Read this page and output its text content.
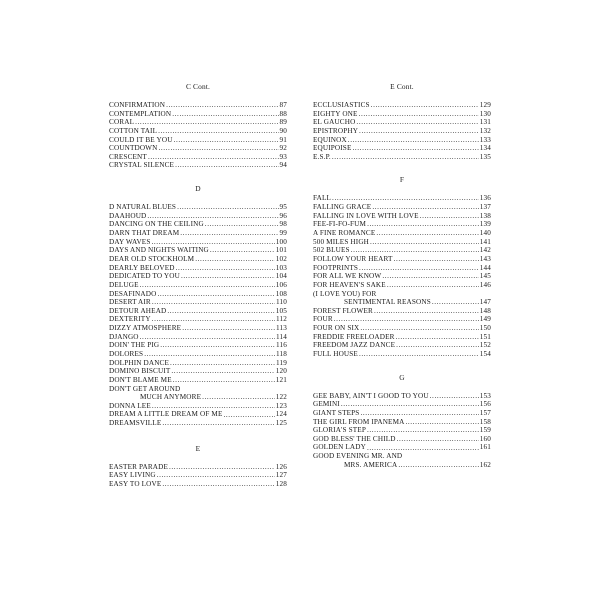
C Cont.
CONFIRMATION .....	87
CONTEMPLATION .....	88
CORAL .....	89
COTTON TAIL .....	90
COULD IT BE YOU .....	91
COUNTDOWN .....	92
CRESCENT .....	93
CRYSTAL SILENCE .....	94
D
D NATURAL BLUES .....	95
DAAHOUD .....	96
DANCING ON THE CEILING .....	98
DARN THAT DREAM .....	99
DAY WAVES .....	100
DAYS AND NIGHTS WAITING .....	101
DEAR OLD STOCKHOLM .....	102
DEARLY BELOVED .....	103
DEDICATED TO YOU .....	104
DELUGE .....	106
DESAFINADO .....	108
DESERT AIR .....	110
DETOUR AHEAD .....	105
DEXTERITY .....	112
DIZZY ATMOSPHERE .....	113
DJANGO .....	114
DOIN' THE PIG .....	116
DOLORES .....	118
DOLPHIN DANCE .....	119
DOMINO BISCUIT .....	120
DON'T BLAME ME .....	121
DON'T GET AROUND
MUCH ANYMORE .....	122
DONNA LEE .....	123
DREAM A LITTLE DREAM OF ME .....	124
DREAMSVILLE .....	125
E
EASTER PARADE .....	126
EASY LIVING .....	127
EASY TO LOVE .....	128
E Cont.
ECCLUSIASTICS .....	129
EIGHTY ONE .....	130
EL GAUCHO .....	131
EPISTROPHY .....	132
EQUINOX .....	133
EQUIPOISE .....	134
E.S.P. .....	135
F
FALL .....	136
FALLING GRACE .....	137
FALLING IN LOVE WITH LOVE .....	138
FEE-FI-FO-FUM .....	139
A FINE ROMANCE .....	140
500 MILES HIGH .....	141
502 BLUES .....	142
FOLLOW YOUR HEART .....	143
FOOTPRINTS .....	144
FOR ALL WE KNOW .....	145
FOR HEAVEN'S SAKE .....	146
(I LOVE YOU) FOR
SENTIMENTAL REASONS .....	147
FOREST FLOWER .....	148
FOUR .....	149
FOUR ON SIX .....	150
FREDDIE FREELOADER .....	151
FREEDOM JAZZ DANCE .....	152
FULL HOUSE .....	154
G
GEE BABY, AIN'T I GOOD TO YOU .....	153
GEMINI .....	156
GIANT STEPS .....	157
THE GIRL FROM IPANEMA .....	158
GLORIA'S STEP .....	159
GOD BLESS' THE CHILD .....	160
GOLDEN LADY .....	161
GOOD EVENING MR. AND
MRS. AMERICA .....	162
